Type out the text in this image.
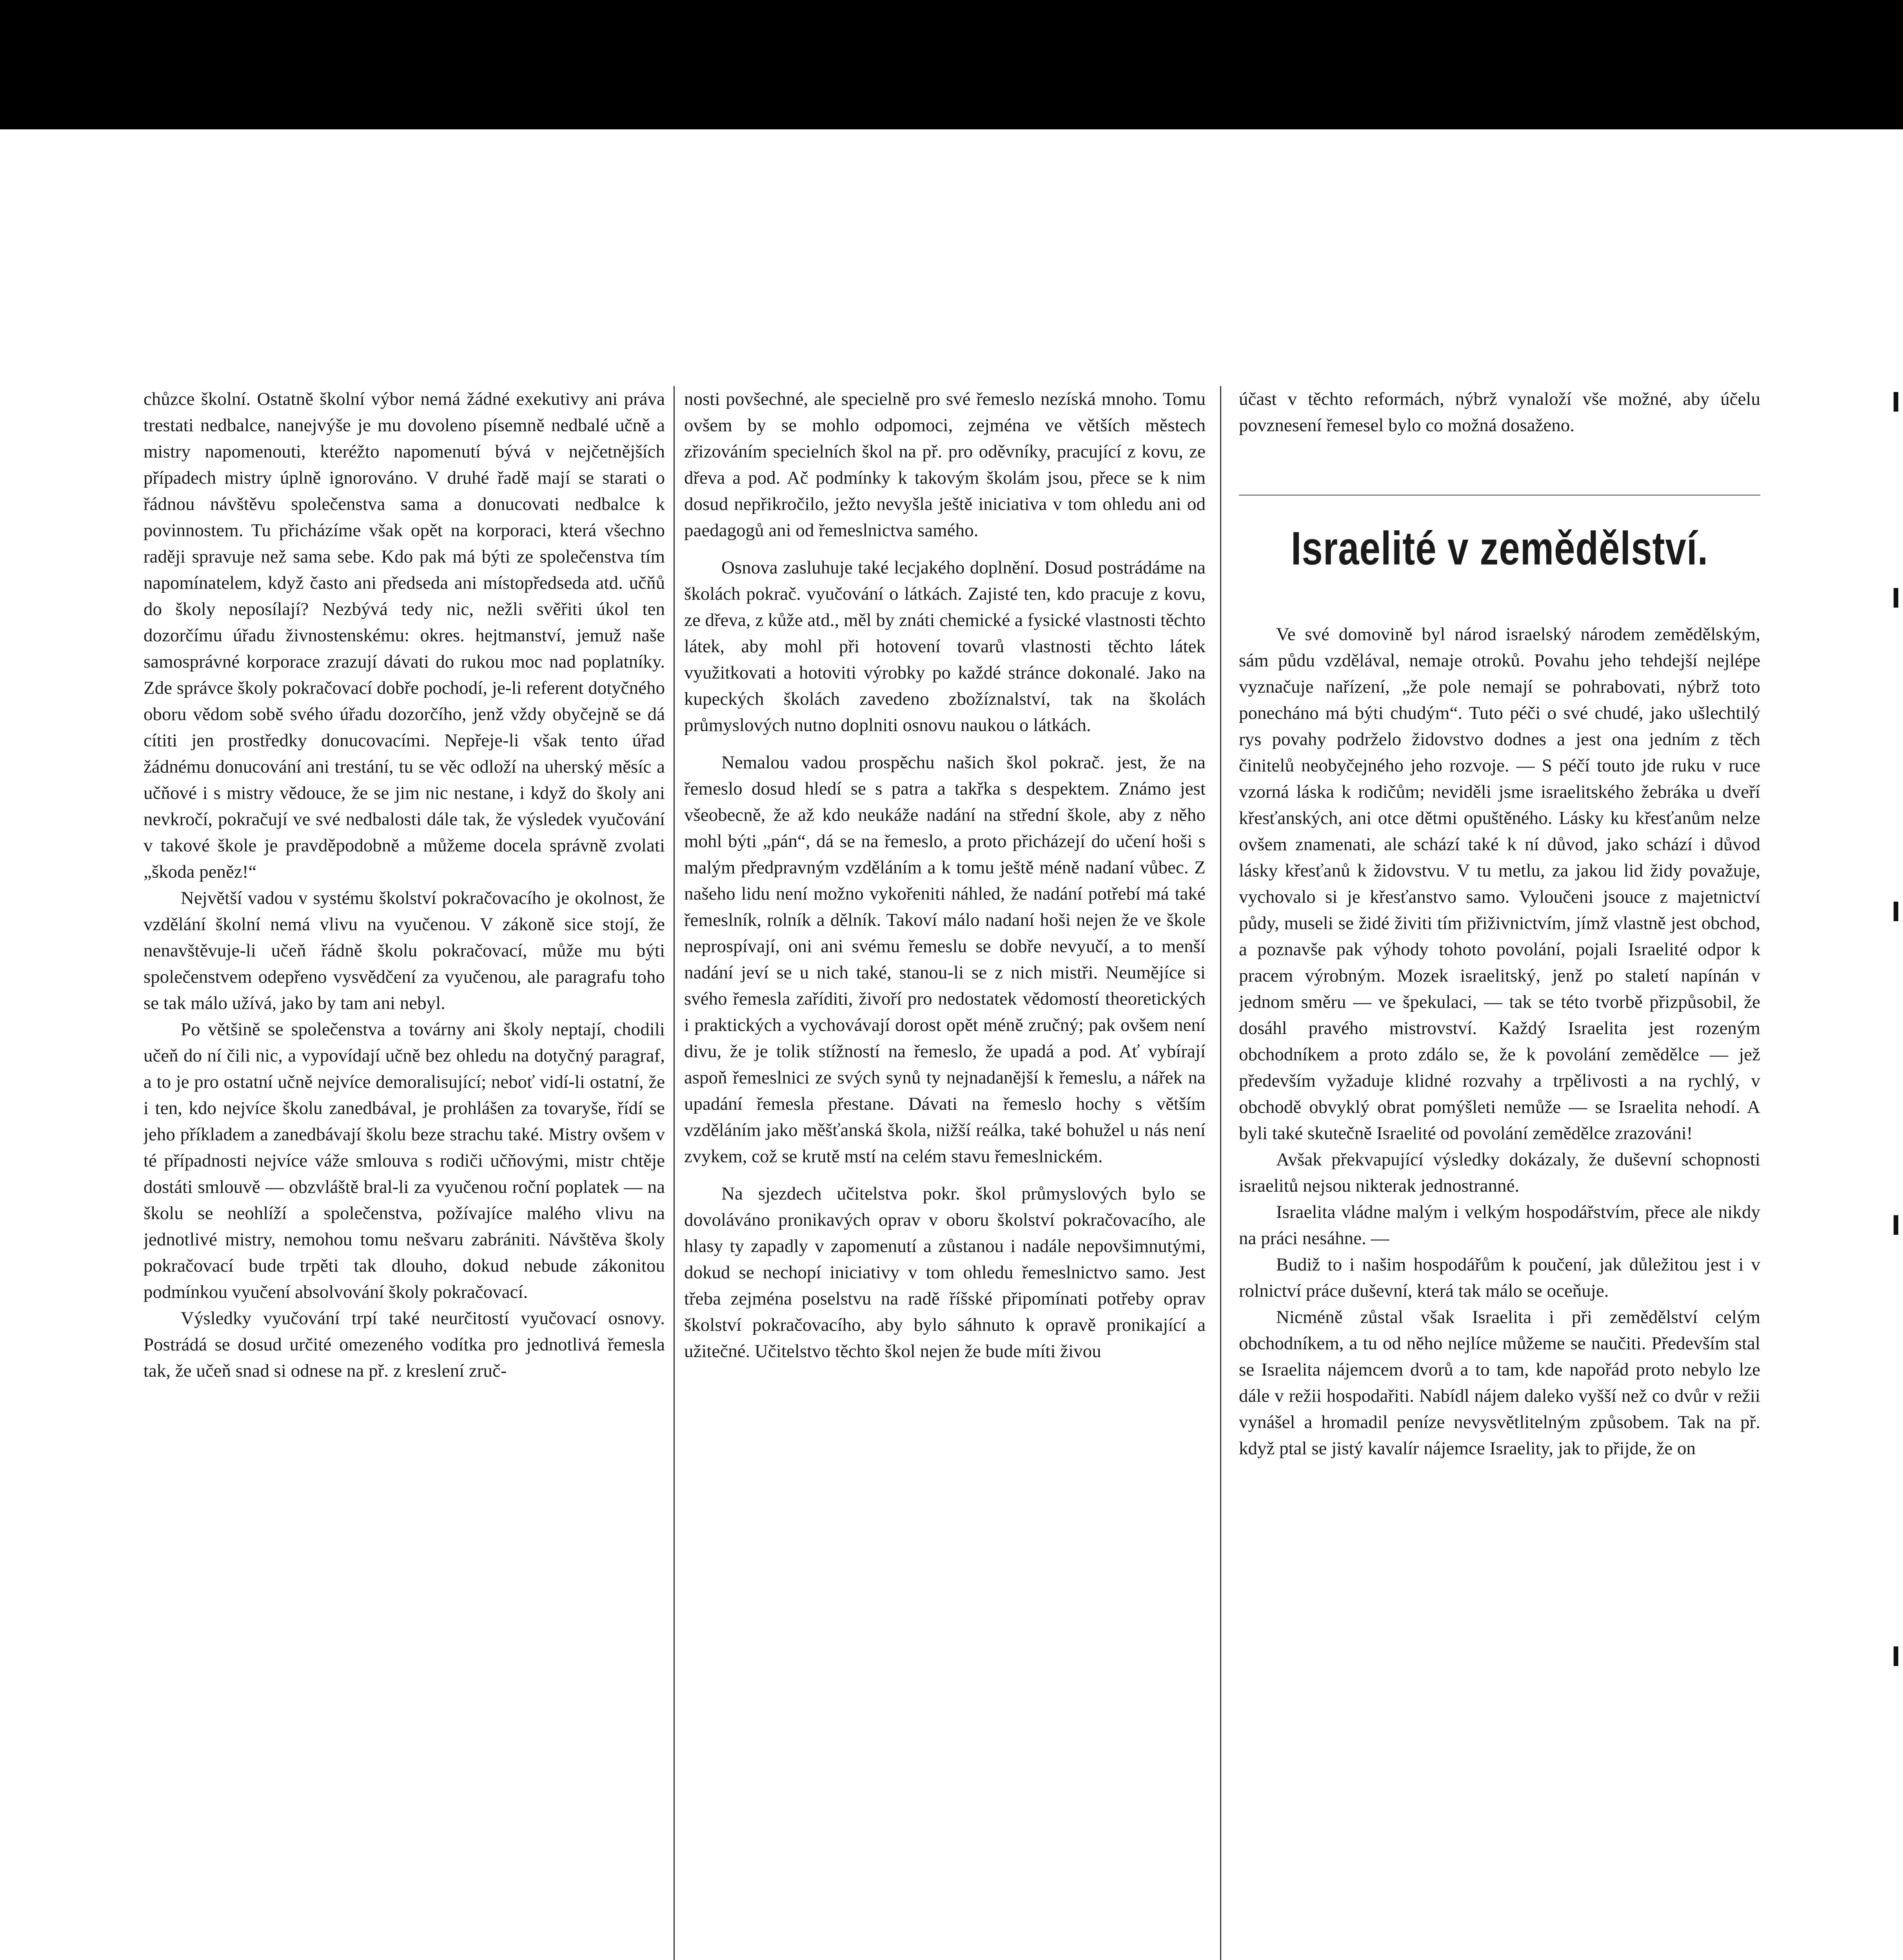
chůzce školní. Ostatně školní výbor nemá žádné exekutivy ani práva trestati nedbalce, nanejvýše je mu dovoleno písemně nedbalé učně a mistry napomenouti, kteréžto napomenutí bývá v nejčetnějších případech mistry úplně ignorováno. V druhé řadě mají se starati o řádnou návštěvu společenstva sama a donucovati nedbalce k povinnostem. Tu přicházíme však opět na korporaci, která všechno raději spravuje než sama sebe. Kdo pak má býti ze společenstva tím napomínatelem, když často ani předseda ani místopředseda atd. učňů do školy neposílají? Nezbývá tedy nic, nežli svěřiti úkol ten dozorčímu úřadu živnostenskému: okres. hejtmanství, jemuž naše samosprávné korporace zrazují dávati do rukou moc nad poplatníky. Zde správce školy pokračovací dobře pochodí, je-li referent dotyčného oboru vědom sobě svého úřadu dozorčího, jenž vždy obyčejně se dá cítiti jen prostředky donucovacími. Nepřeje-li však tento úřad žádnému donucování ani trestání, tu se věc odloží na uherský měsíc a učňové i s mistry vědouce, že se jim nic nestane, i když do školy ani nevkročí, pokračují ve své nedbalosti dále tak, že výsledek vyučování v takové škole je pravděpodobně a můžeme docela správně zvolati „škoda peněz!“

Největší vadou v systému školství pokračovacího je okolnost, že vzdělání školní nemá vlivu na vyučenou. V zákoně sice stojí, že nenavštěvuje-li učeň řádně školu pokračovací, může mu býti společenstvem odepřeno vysvědčení za vyučenou, ale paragrafu toho se tak málo užívá, jako by tam ani nebyl.

Po většině se společenstva a továrny ani školy neptají, chodili učeň do ní čili nic, a vypovídají učně bez ohledu na dotyčný paragraf, a to je pro ostatní učně nejvíce demoralisující; neboť vidí-li ostatní, že i ten, kdo nejvíce školu zanedbával, je prohlášen za tovaryše, řídí se jeho příkladem a zanedbávají školu beze strachu také. Mistry ovšem v té případnosti nejvíce váže smlouva s rodiči učňovými, mistr chtěje dostáti smlouvě — obzvláště bral-li za vyučenou roční poplatek — na školu se neohlíží a společenstva, požívajíce malého vlivu na jednotlivé mistry, nemohou tomu nešvaru zabrániti. Návštěva školy pokračovací bude trpěti tak dlouho, dokud nebude zákonitou podmínkou vyučení absolvování školy pokračovací.

Výsledky vyučování trpí také neurčitostí vyučovací osnovy. Postrádá se dosud určité omezeného vodítka pro jednotlivá řemesla tak, že učeň snad si odnese na př. z kreslení zruč-

nosti povšechné, ale specielně pro své řemeslo nezíská mnoho. Tomu ovšem by se mohlo odpomoci, zejména ve větších městech zřizováním specielních škol na př. pro oděvníky, pracující z kovu, ze dřeva a pod. Ač podmínky k takovým školám jsou, přece se k nim dosud nepřikročilo, ježto nevyšla ještě iniciativa v tom ohledu ani od paedagogů ani od řemeslnictva samého.

Osnova zasluhuje také lecjakého doplnění. Dosud postrádáme na školách pokrač. vyučování o látkách. Zajisté ten, kdo pracuje z kovu, ze dřeva, z kůže atd., měl by znáti chemické a fysické vlastnosti těchto látek, aby mohl při hotovení tovarů vlastnosti těchto látek využitkovati a hotoviti výrobky po každé stránce dokonalé. Jako na kupeckých školách zavedeno zbožíznalství, tak na školách průmyslových nutno doplniti osnovu naukou o látkách.

Nemalou vadou prospěchu našich škol pokrač. jest, že na řemeslo dosud hledí se s patra a takřka s despektem. Známo jest všeobecně, že až kdo neukáže nadání na střední škole, aby z něho mohl býti „pán“, dá se na řemeslo, a proto přicházejí do učení hoši s malým předpravným vzděláním a k tomu ještě méně nadaní vůbec. Z našeho lidu není možno vykořeniti náhled, že nadání potřebí má také řemeslník, rolník a dělník. Takoví málo nadaní hoši nejen že ve škole neprospívají, oni ani svému řemeslu se dobře nevyučí, a to menší nadání jeví se u nich také, stanou-li se z nich mistři. Neumějíce si svého řemesla zaříditi, živoří pro nedostatek vědomostí theoretických i praktických a vychovávají dorost opět méně zručný; pak ovšem není divu, že je tolik stížností na řemeslo, že upadá a pod. Ať vybírají aspoň řemeslnici ze svých synů ty nejnadanější k řemeslu, a nářek na upadání řemesla přestane. Dávati na řemeslo hochy s větším vzděláním jako měšťanská škola, nižší reálka, také bohužel u nás není zvykem, což se krutě mstí na celém stavu řemeslnickém.

Na sjezdech učitelstva pokr. škol průmyslových bylo se dovoláváno pronikavých oprav v oboru školství pokračovacího, ale hlasy ty zapadly v zapomenutí a zůstanou i nadále nepovšimnutými, dokud se nechopí iniciativy v tom ohledu řemeslnictvo samo. Jest třeba zejména poselstvu na radě říšské připomínati potřeby oprav školství pokračovacího, aby bylo sáhnuto k opravě pronikající a užitečné. Učitelstvo těchto škol nejen že bude míti živou

účast v těchto reformách, nýbrž vynaloží vše možné, aby účelu povznesení řemesel bylo co možná dosaženo.

Israelité v zemědělství.

Ve své domovině byl národ israelský národem zemědělským, sám půdu vzdělával, nemaje otroků. Povahu jeho tehdejší nejlépe vyznačuje nařízení, „že pole nemají se pohrabovati, nýbrž toto ponecháno má býti chudým“. Tuto péči o své chudé, jako ušlechtilý rys povahy podrželo židovstvo dodnes a jest ona jedním z těch činitelů neobyčejného jeho rozvoje. — S péčí touto jde ruku v ruce vzorná láska k rodičům; neviděli jsme israelitského žebráka u dveří křesťanských, ani otce dětmi opuštěného. Lásky ku křesťanům nelze ovšem znamenati, ale schází také k ní důvod, jako schází i důvod lásky křesťanů k židovstvu. V tu metlu, za jakou lid židy považuje, vychovalo si je křesťanstvo samo. Vyloučeni jsouce z majetnictví půdy, museli se židé živiti tím přiživnictvím, jímž vlastně jest obchod, a poznavše pak výhody tohoto povolání, pojali Israelité odpor k pracem výrobným. Mozek israelitský, jenž po staletí napínán v jednom směru — ve špekulaci, — tak se této tvorbě přizpůsobil, že dosáhl pravého mistrovství. Každý Israelita jest rozeným obchodníkem a proto zdálo se, že k povolání zemědělce — jež především vyžaduje klidné rozvahy a trpělivosti a na rychlý, v obchodě obvyklý obrat pomýšleti nemůže — se Israelita nehodí. A byli také skutečně Israelité od povolání zemědělce zrazováni!

Avšak překvapující výsledky dokázaly, že duševní schopnosti israelitů nejsou nikterak jednostranné.

Israelita vládne malým i velkým hospodářstvím, přece ale nikdy na práci nesáhne. —

Budiž to i našim hospodářům k poučení, jak důležitou jest i v rolnictví práce duševní, která tak málo se oceňuje.

Nicméně zůstal však Israelita i při zemědělství celým obchodníkem, a tu od něho nejlíce můžeme se naučiti. Především stal se Israelita nájemcem dvorů a to tam, kde napořád proto nebylo lze dále v režii hospodařiti. Nabídl nájem daleko vyšší než co dvůr v režii vynášel a hromadil peníze nevysvětlitelným způsobem. Tak na př. když ptal se jistý kavalír nájemce Israelity, jak to přijde, že on
